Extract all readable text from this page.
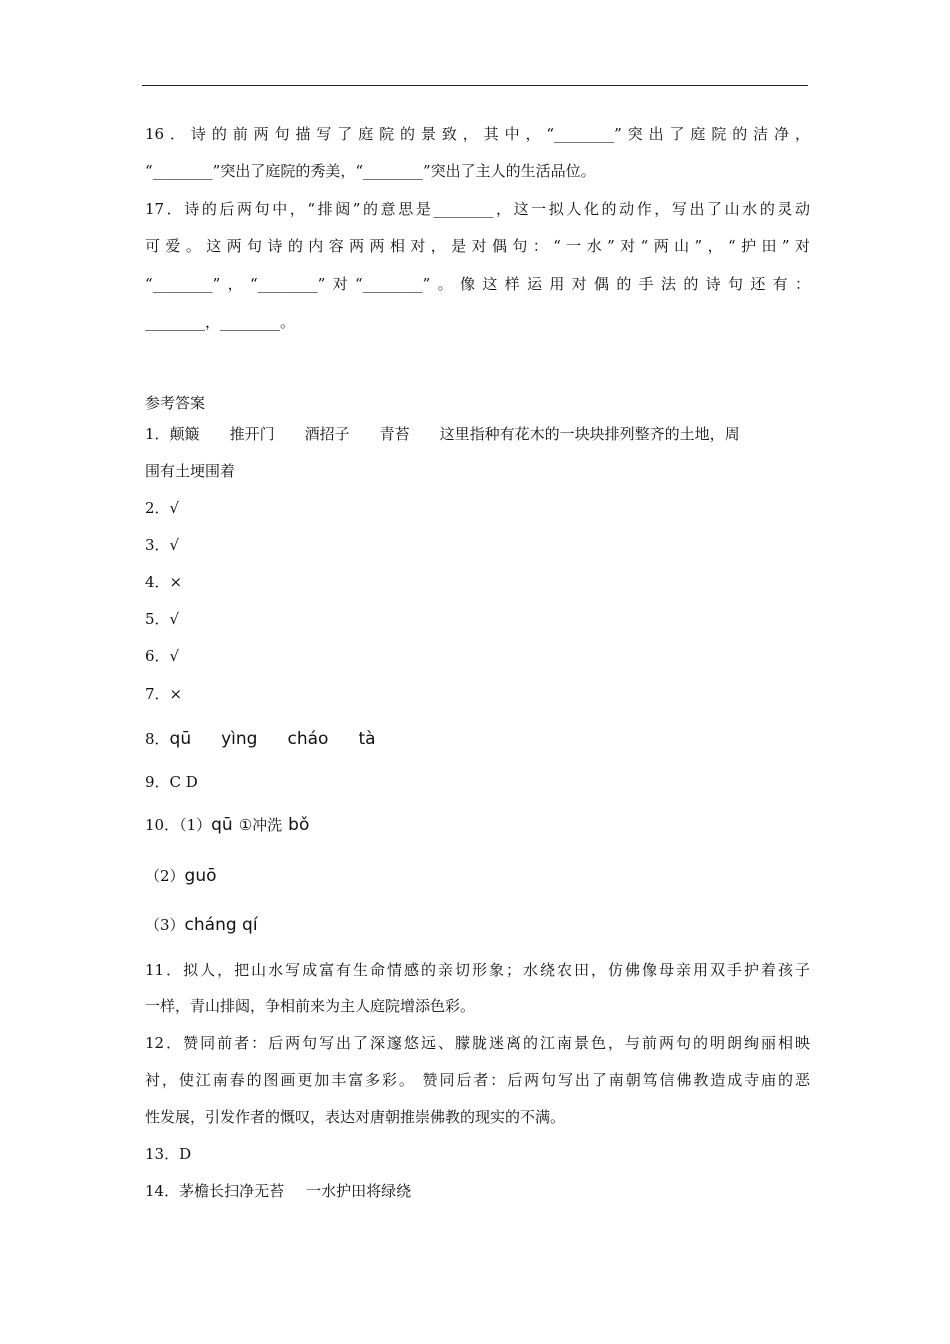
16．诗的前两句描写了庭院的景致，其中，“________”突出了庭院的洁净，
“________”突出了庭院的秀美，“________”突出了主人的生活品位。
17．诗的后两句中，“排闼”的意思是________，这一拟人化的动作，写出了山水的灵动
可爱。这两句诗的内容两两相对，是对偶句：“一水”对“两山”，“护田”对
“________”，“________”对“________”。像这样运用对偶的手法的诗句还有：
________，________。
参考答案
1．颠簸 推开门 酒招子 青苔 这里指种有花木的一块块排列整齐的土地，周
围有土埂围着
2．√
3．√
4．×
5．√
6．√
7．×
8．qū yìng cháo tà
9．C D
10．（1）qū ①冲洗 bǒ
（2）guō
（3）cháng qí
11．拟人，把山水写成富有生命情感的亲切形象；水绕农田，仿佛像母亲用双手护着孩子
一样，青山排闼，争相前来为主人庭院增添色彩。
12．赞同前者：后两句写出了深邃悠远、朦胧迷离的江南景色，与前两句的明朗绚丽相映
衬，使江南春的图画更加丰富多彩。 赞同后者：后两句写出了南朝笃信佛教造成寺庙的恶
性发展，引发作者的慨叹，表达对唐朝推崇佛教的现实的不满。
13．D
14．茅檐长扫净无苔 一水护田将绿绕
